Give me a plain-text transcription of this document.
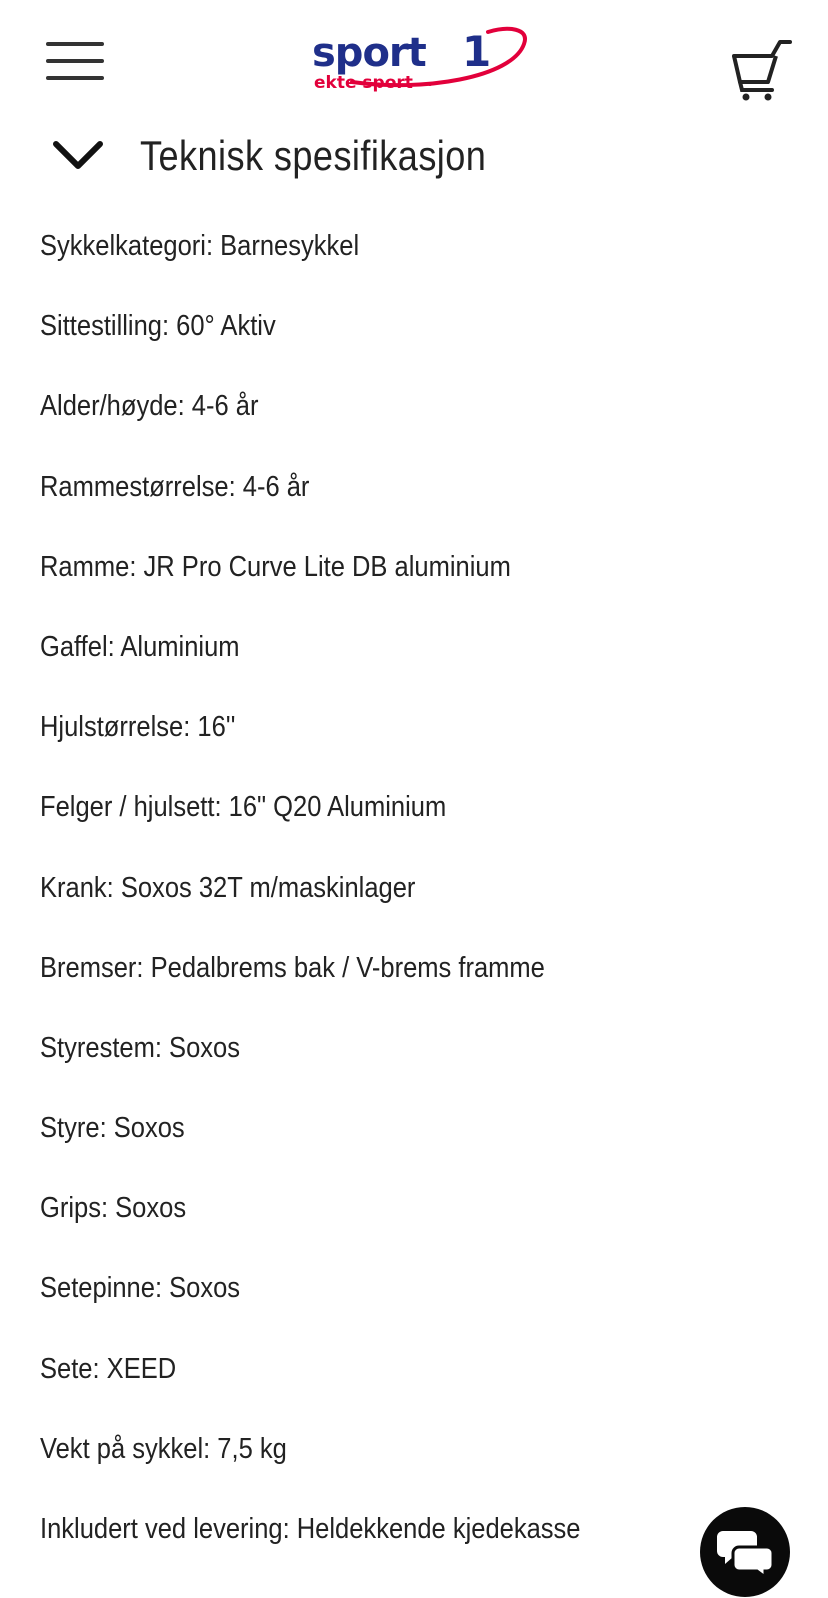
sport 1
ekte sport
Teknisk spesifikasjon
Sykkelkategori: Barnesykkel
Sittestilling: 60° Aktiv
Alder/høyde: 4-6 år
Rammestørrelse: 4-6 år
Ramme: JR Pro Curve Lite DB aluminium
Gaffel: Aluminium
Hjulstørrelse: 16''
Felger / hjulsett: 16" Q20 Aluminium
Krank: Soxos 32T m/maskinlager
Bremser: Pedalbrems bak / V-brems framme
Styrestem: Soxos
Styre: Soxos
Grips: Soxos
Setepinne: Soxos
Sete: XEED
Vekt på sykkel: 7,5 kg
Inkludert ved levering: Heldekkende kjedekasse
